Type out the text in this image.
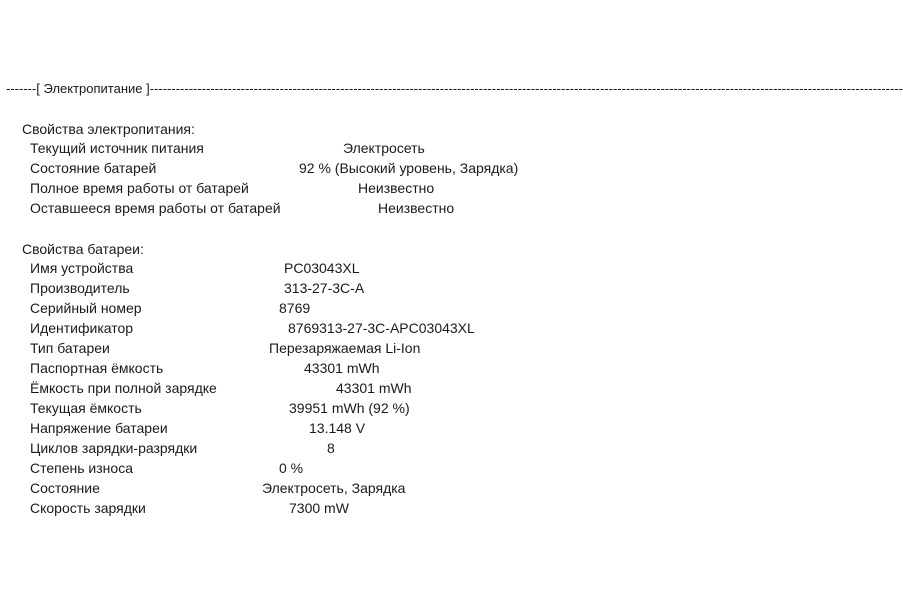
-------[ Электропитание ]------------------------------------------------------------------------------------------------------------------------------------------------------------------------------
Свойства электропитания:
Текущий источник питания	Электросеть
Состояние батарей	92 % (Высокий уровень, Зарядка)
Полное время работы от батарей	Неизвестно
Оставшееся время работы от батарей	Неизвестно
Свойства батареи:
Имя устройства	PC03043XL
Производитель	313-27-3C-A
Серийный номер	8769
Идентификатор	8769313-27-3C-APC03043XL
Тип батареи	Перезаряжаемая Li-Ion
Паспортная ёмкость	43301 mWh
Ёмкость при полной зарядке	43301 mWh
Текущая ёмкость	39951 mWh (92 %)
Напряжение батареи	13.148 V
Циклов зарядки-разрядки	8
Степень износа	0 %
Состояние	Электросеть, Зарядка
Скорость зарядки	7300 mW
